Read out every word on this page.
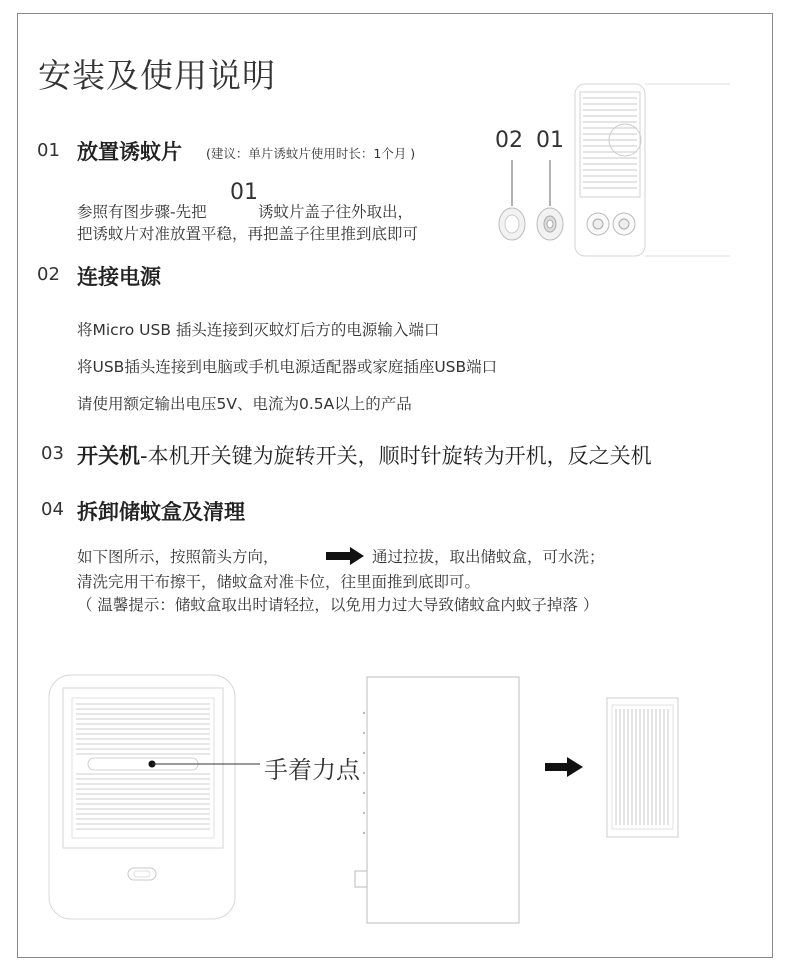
安装及使用说明
01 放置诱蚊片 (建议：单片诱蚊片使用时长：1个月 )
参照有图步骤-先把
01
诱蚊片盖子往外取出，
把诱蚊片对准放置平稳，再把盖子往里推到底即可
02 01
02 连接电源
将Micro USB 插头连接到灭蚊灯后方的电源输入端口
将USB插头连接到电脑或手机电源适配器或家庭插座USB端口
请使用额定输出电压5V、电流为0.5A以上的产品
03 开关机-本机开关键为旋转开关，顺时针旋转为开机，反之关机
04 拆卸储蚊盒及清理
如下图所示，按照箭头方向，	通过拉拔，取出储蚊盒，可水洗；
清洗完用干布擦干，储蚊盒对准卡位，往里面推到底即可。
（ 温馨提示：储蚊盒取出时请轻拉，以免用力过大导致储蚊盒内蚊子掉落 ）
手着力点
